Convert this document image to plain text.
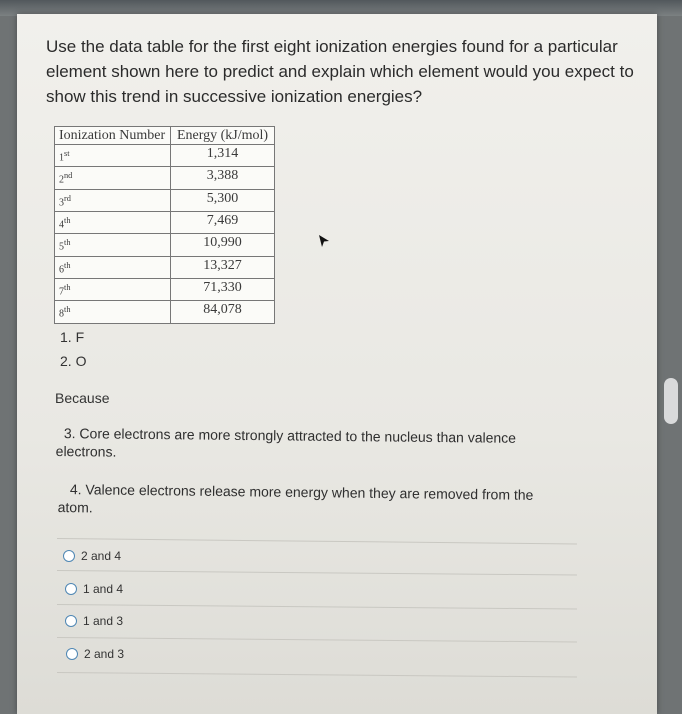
Use the data table for the first eight ionization energies found for a particular element shown here to predict and explain which element would you expect to show this trend in successive ionization energies?
Ionization Number	Energy (kJ/mol)
1st	1,314
2nd	3,388
3rd	5,300
4th	7,469
5th	10,990
6th	13,327
7th	71,330
8th	84,078
1. F
2. O
Because
3. Core electrons are more strongly attracted to the nucleus than valence electrons.
4. Valence electrons release more energy when they are removed from the atom.
2 and 4
1 and 4
1 and 3
2 and 3
